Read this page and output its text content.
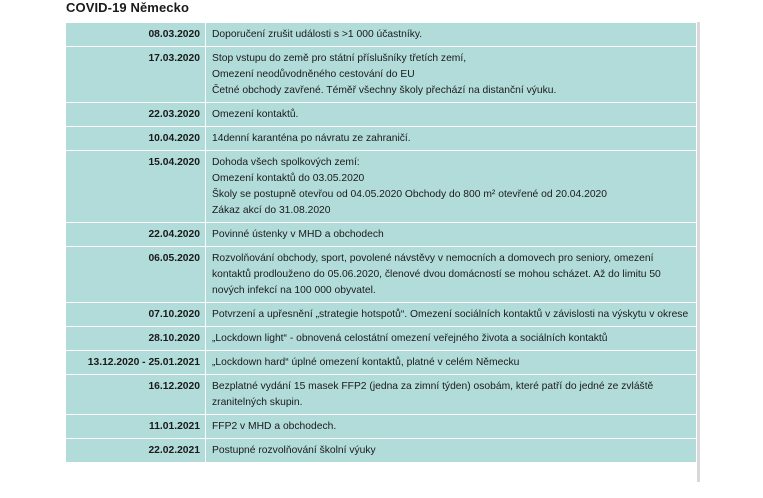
COVID-19 Německo
08.03.2020	Doporučení zrušit události s >1 000 účastníky.
17.03.2020	Stop vstupu do země pro státní příslušníky třetích zemí,
Omezení neodůvodněného cestování do EU
Četné obchody zavřené. Téměř všechny školy přechází na distanční výuku.
22.03.2020	Omezení kontaktů.
10.04.2020	14denní karanténa po návratu ze zahraničí.
15.04.2020	Dohoda všech spolkových zemí:
Omezení kontaktů do 03.05.2020
Školy se postupně otevřou od 04.05.2020 Obchody do 800 m² otevřené od 20.04.2020
Zákaz akcí do 31.08.2020
22.04.2020	Povinné ústenky v MHD a obchodech
06.05.2020	Rozvolňování obchody, sport, povolené návstěvy v nemocních a domovech pro seniory, omezení kontaktů prodlouženo do 05.06.2020, členové dvou domácností se mohou scházet. Až do limitu 50 nových infekcí na 100 000 obyvatel.
07.10.2020	Potvrzení a upřesnění „strategie hotspotů“. Omezení sociálních kontaktů v závislosti na výskytu v okrese
28.10.2020	„Lockdown light“ - obnovená celostátní omezení veřejného života a sociálních kontaktů
13.12.2020 - 25.01.2021	„Lockdown hard“ úplné omezení kontaktů, platné v celém Německu
16.12.2020	Bezplatné vydání 15 masek FFP2 (jedna za zimní týden) osobám, které patří do jedné ze zvláště zranitelných skupin.
11.01.2021	FFP2 v MHD a obchodech.
22.02.2021	Postupné rozvolňování školní výuky
